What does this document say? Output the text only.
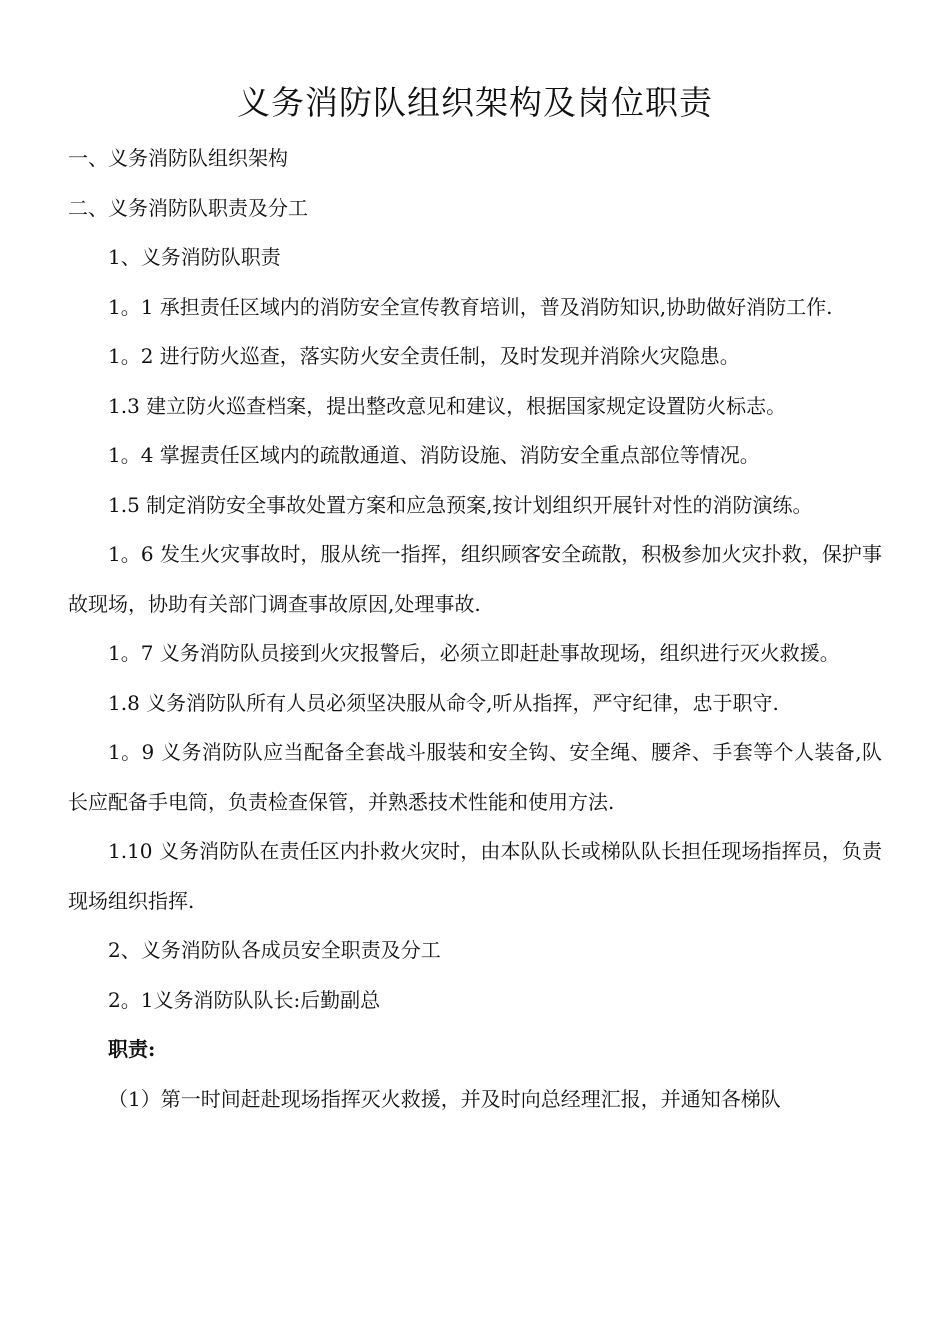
义务消防队组织架构及岗位职责

一、义务消防队组织架构

二、义务消防队职责及分工

1、义务消防队职责

1。1 承担责任区域内的消防安全宣传教育培训，普及消防知识,协助做好消防工作.

1。2 进行防火巡查，落实防火安全责任制，及时发现并消除火灾隐患。

1.3 建立防火巡查档案，提出整改意见和建议，根据国家规定设置防火标志。

1。4 掌握责任区域内的疏散通道、消防设施、消防安全重点部位等情况。

1.5 制定消防安全事故处置方案和应急预案,按计划组织开展针对性的消防演练。

1。6 发生火灾事故时，服从统一指挥，组织顾客安全疏散，积极参加火灾扑救，保护事故现场，协助有关部门调查事故原因,处理事故.

1。7 义务消防队员接到火灾报警后，必须立即赶赴事故现场，组织进行灭火救援。

1.8 义务消防队所有人员必须坚决服从命令,听从指挥，严守纪律，忠于职守.

1。9 义务消防队应当配备全套战斗服装和安全钩、安全绳、腰斧、手套等个人装备,队长应配备手电筒，负责检查保管，并熟悉技术性能和使用方法.

1.10 义务消防队在责任区内扑救火灾时，由本队队长或梯队队长担任现场指挥员，负责现场组织指挥.

2、义务消防队各成员安全职责及分工

2。1义务消防队队长:后勤副总

职责:

（1）第一时间赶赴现场指挥灭火救援，并及时向总经理汇报，并通知各梯队
